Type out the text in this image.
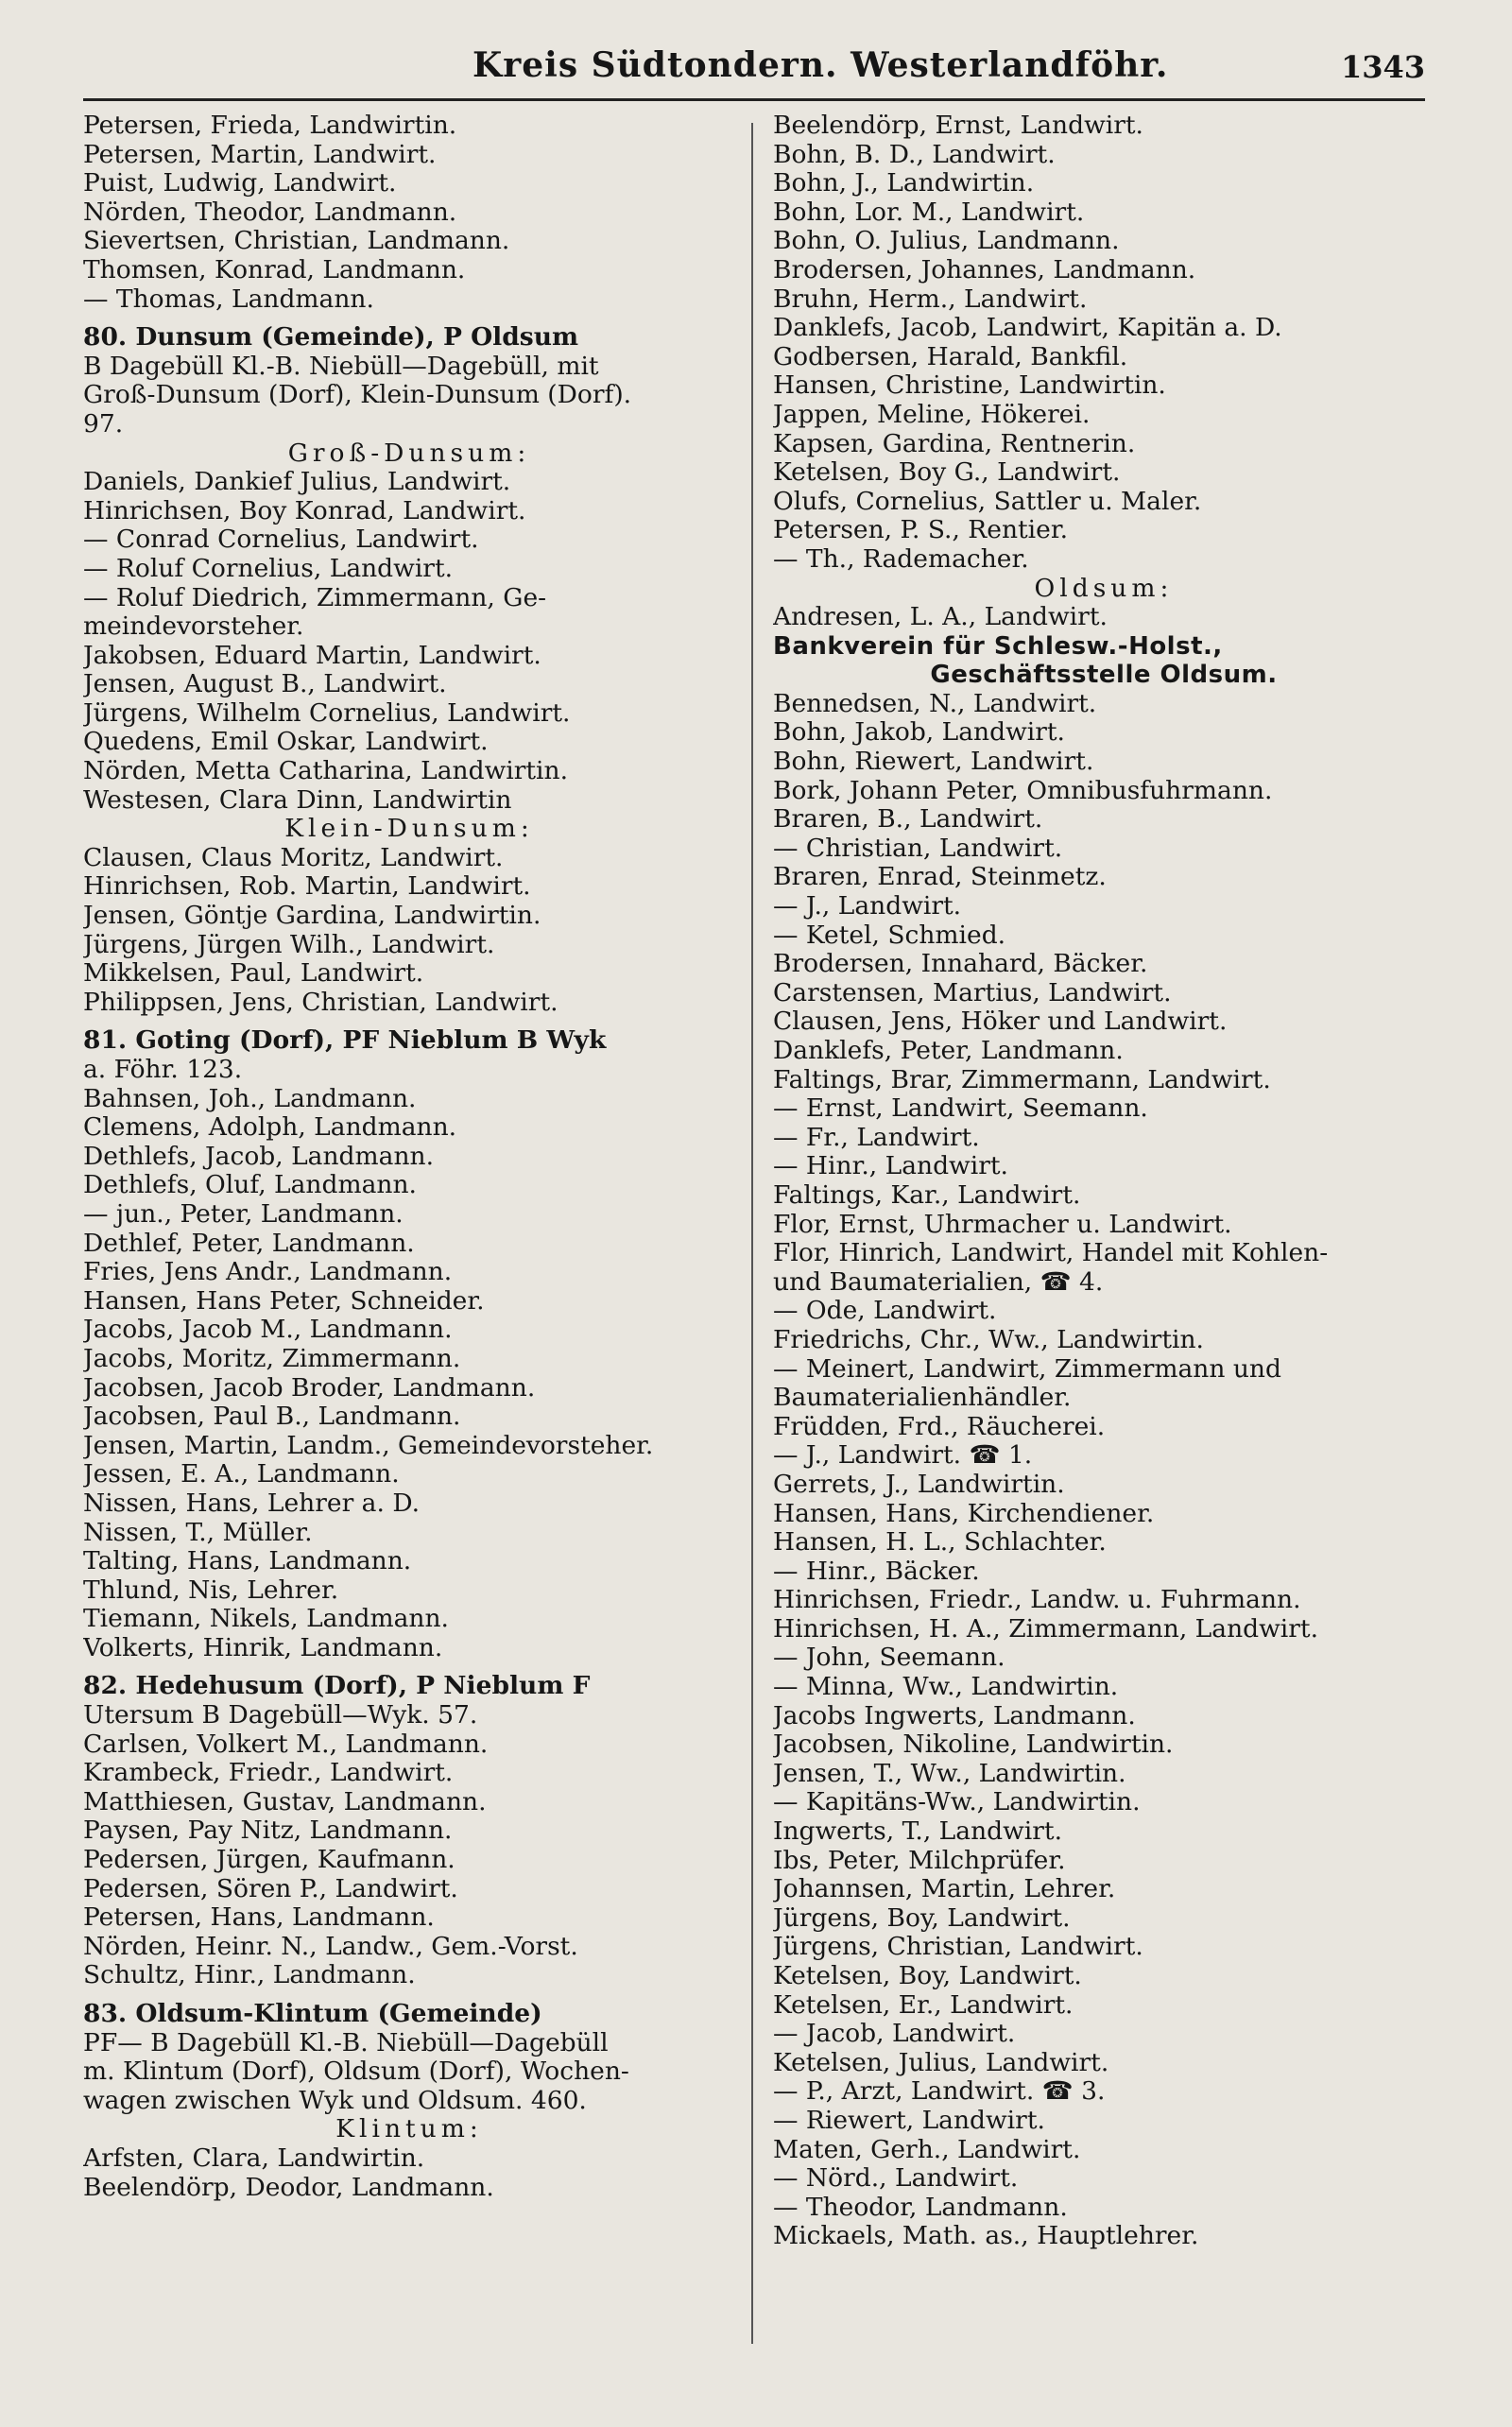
Kreis Südtondern. Westerlandföhr.	1343
Petersen, Frieda, Landwirtin.
Petersen, Martin, Landwirt.
Puist, Ludwig, Landwirt.
Nörden, Theodor, Landmann.
Sievertsen, Christian, Landmann.
Thomsen, Konrad, Landmann.
— Thomas, Landmann.
80. Dunsum (Gemeinde), P Oldsum
B Dagebüll Kl.-B. Niebüll—Dagebüll, mit
Groß-Dunsum (Dorf), Klein-Dunsum (Dorf).
97.
Groß-Dunsum:
Daniels, Dankief Julius, Landwirt.
Hinrichsen, Boy Konrad, Landwirt.
— Conrad Cornelius, Landwirt.
— Roluf Cornelius, Landwirt.
— Roluf Diedrich, Zimmermann, Ge-
meindevorsteher.
Jakobsen, Eduard Martin, Landwirt.
Jensen, August B., Landwirt.
Jürgens, Wilhelm Cornelius, Landwirt.
Quedens, Emil Oskar, Landwirt.
Nörden, Metta Catharina, Landwirtin.
Westesen, Clara Dinn, Landwirtin
Klein-Dunsum:
Clausen, Claus Moritz, Landwirt.
Hinrichsen, Rob. Martin, Landwirt.
Jensen, Göntje Gardina, Landwirtin.
Jürgens, Jürgen Wilh., Landwirt.
Mikkelsen, Paul, Landwirt.
Philippsen, Jens, Christian, Landwirt.
81. Goting (Dorf), PF Nieblum B Wyk
a. Föhr. 123.
Bahnsen, Joh., Landmann.
Clemens, Adolph, Landmann.
Dethlefs, Jacob, Landmann.
Dethlefs, Oluf, Landmann.
— jun., Peter, Landmann.
Dethlef, Peter, Landmann.
Fries, Jens Andr., Landmann.
Hansen, Hans Peter, Schneider.
Jacobs, Jacob M., Landmann.
Jacobs, Moritz, Zimmermann.
Jacobsen, Jacob Broder, Landmann.
Jacobsen, Paul B., Landmann.
Jensen, Martin, Landm., Gemeindevorsteher.
Jessen, E. A., Landmann.
Nissen, Hans, Lehrer a. D.
Nissen, T., Müller.
Talting, Hans, Landmann.
Thlund, Nis, Lehrer.
Tiemann, Nikels, Landmann.
Volkerts, Hinrik, Landmann.
82. Hedehusum (Dorf), P Nieblum F
Utersum B Dagebüll—Wyk. 57.
Carlsen, Volkert M., Landmann.
Krambeck, Friedr., Landwirt.
Matthiesen, Gustav, Landmann.
Paysen, Pay Nitz, Landmann.
Pedersen, Jürgen, Kaufmann.
Pedersen, Sören P., Landwirt.
Petersen, Hans, Landmann.
Nörden, Heinr. N., Landw., Gem.-Vorst.
Schultz, Hinr., Landmann.
83. Oldsum-Klintum (Gemeinde)
PF— B Dagebüll Kl.-B. Niebüll—Dagebüll
m. Klintum (Dorf), Oldsum (Dorf), Wochen-
wagen zwischen Wyk und Oldsum. 460.
Klintum:
Arfsten, Clara, Landwirtin.
Beelendörp, Deodor, Landmann.
Beelendörp, Ernst, Landwirt.
Bohn, B. D., Landwirt.
Bohn, J., Landwirtin.
Bohn, Lor. M., Landwirt.
Bohn, O. Julius, Landmann.
Brodersen, Johannes, Landmann.
Bruhn, Herm., Landwirt.
Danklefs, Jacob, Landwirt, Kapitän a. D.
Godbersen, Harald, Bankfil.
Hansen, Christine, Landwirtin.
Jappen, Meline, Hökerei.
Kapsen, Gardina, Rentnerin.
Ketelsen, Boy G., Landwirt.
Olufs, Cornelius, Sattler u. Maler.
Petersen, P. S., Rentier.
— Th., Rademacher.
Oldsum:
Andresen, L. A., Landwirt.
Bankverein für Schlesw.-Holst.,
Geschäftsstelle Oldsum.
Bennedsen, N., Landwirt.
Bohn, Jakob, Landwirt.
Bohn, Riewert, Landwirt.
Bork, Johann Peter, Omnibusfuhrmann.
Braren, B., Landwirt.
— Christian, Landwirt.
Braren, Enrad, Steinmetz.
— J., Landwirt.
— Ketel, Schmied.
Brodersen, Innahard, Bäcker.
Carstensen, Martius, Landwirt.
Clausen, Jens, Höker und Landwirt.
Danklefs, Peter, Landmann.
Faltings, Brar, Zimmermann, Landwirt.
— Ernst, Landwirt, Seemann.
— Fr., Landwirt.
— Hinr., Landwirt.
Faltings, Kar., Landwirt.
Flor, Ernst, Uhrmacher u. Landwirt.
Flor, Hinrich, Landwirt, Handel mit Kohlen-
und Baumaterialien, ☎ 4.
— Ode, Landwirt.
Friedrichs, Chr., Ww., Landwirtin.
— Meinert, Landwirt, Zimmermann und
Baumaterialienhändler.
Früdden, Frd., Räucherei.
— J., Landwirt. ☎ 1.
Gerrets, J., Landwirtin.
Hansen, Hans, Kirchendiener.
Hansen, H. L., Schlachter.
— Hinr., Bäcker.
Hinrichsen, Friedr., Landw. u. Fuhrmann.
Hinrichsen, H. A., Zimmermann, Landwirt.
— John, Seemann.
— Minna, Ww., Landwirtin.
Jacobs Ingwerts, Landmann.
Jacobsen, Nikoline, Landwirtin.
Jensen, T., Ww., Landwirtin.
— Kapitäns-Ww., Landwirtin.
Ingwerts, T., Landwirt.
Ibs, Peter, Milchprüfer.
Johannsen, Martin, Lehrer.
Jürgens, Boy, Landwirt.
Jürgens, Christian, Landwirt.
Ketelsen, Boy, Landwirt.
Ketelsen, Er., Landwirt.
— Jacob, Landwirt.
Ketelsen, Julius, Landwirt.
— P., Arzt, Landwirt. ☎ 3.
— Riewert, Landwirt.
Maten, Gerh., Landwirt.
— Nörd., Landwirt.
— Theodor, Landmann.
Mickaels, Math. as., Hauptlehrer.
